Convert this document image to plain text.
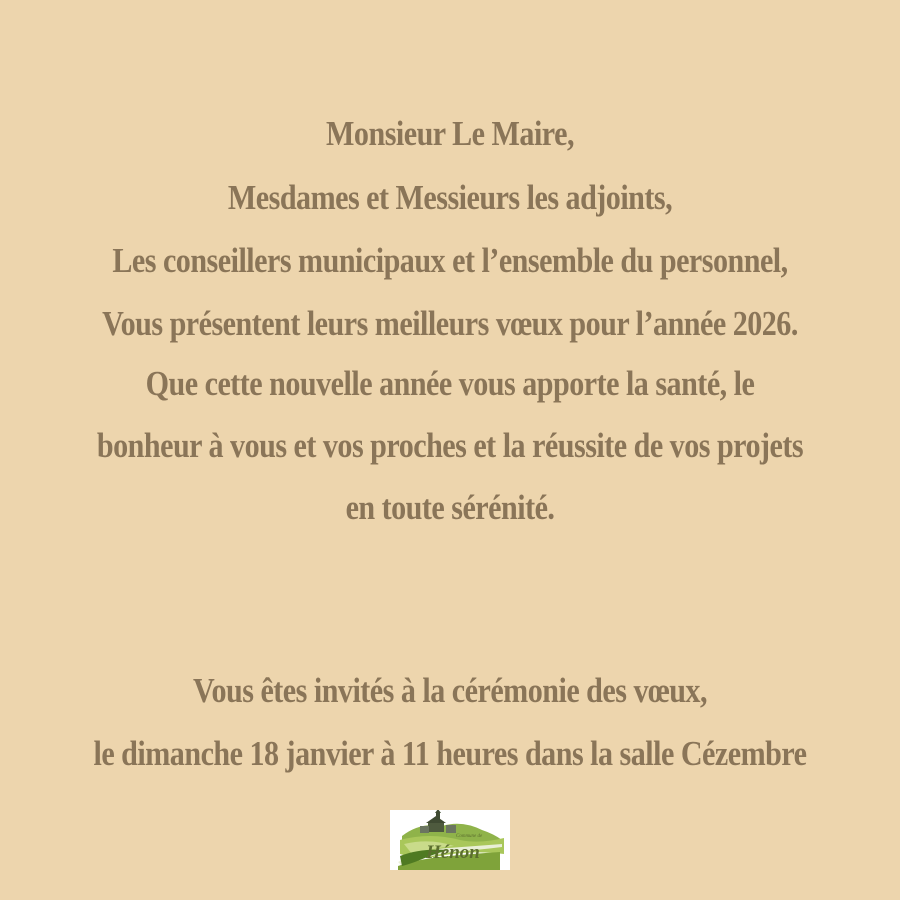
Monsieur Le Maire,
Mesdames et Messieurs les adjoints,
Les conseillers municipaux et l’ensemble du personnel,
Vous présentent leurs meilleurs vœux pour l’année 2026.
Que cette nouvelle année vous apporte la santé, le
bonheur à vous et vos proches et la réussite de vos projets
en toute sérénité.
Vous êtes invités à la cérémonie des vœux,
le dimanche 18 janvier à 11 heures dans la salle Cézembre
Commune de
Hénon
